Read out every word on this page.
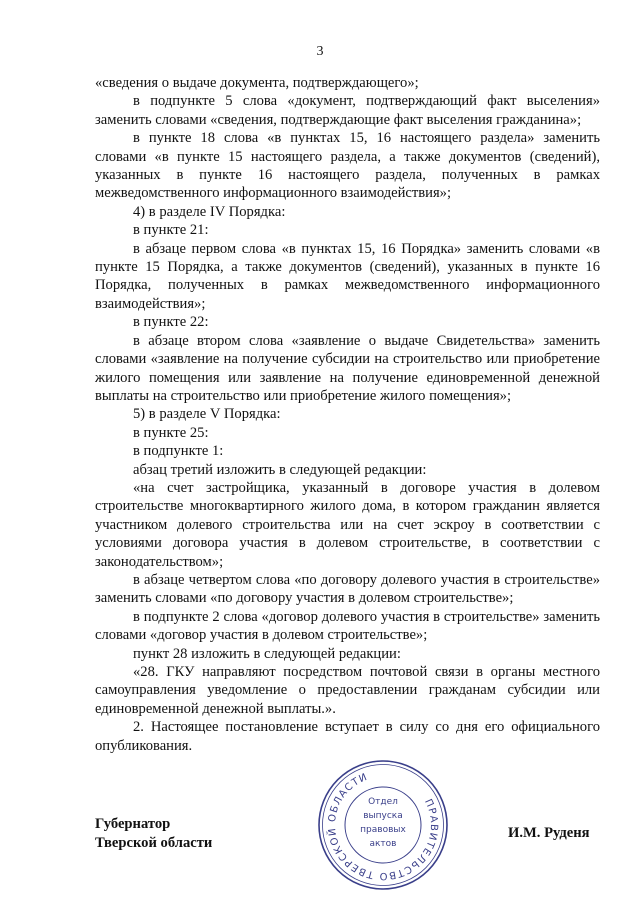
3

«сведения о выдаче документа, подтверждающего»;

в подпункте 5 слова «документ, подтверждающий факт выселения» заменить словами «сведения, подтверждающие факт выселения гражданина»;

в пункте 18 слова «в пунктах 15, 16 настоящего раздела» заменить словами «в пункте 15 настоящего раздела, а также документов (сведений), указанных в пункте 16 настоящего раздела, полученных в рамках межведомственного информационного взаимодействия»;

4) в разделе IV Порядка:

в пункте 21:

в абзаце первом слова «в пунктах 15, 16 Порядка» заменить словами «в пункте 15 Порядка, а также документов (сведений), указанных в пункте 16 Порядка, полученных в рамках межведомственного информационного взаимодействия»;

в пункте 22:

в абзаце втором слова «заявление о выдаче Свидетельства» заменить словами «заявление на получение субсидии на строительство или приобретение жилого помещения или заявление на получение единовременной денежной выплаты на строительство или приобретение жилого помещения»;

5) в разделе V Порядка:

в пункте 25:

в подпункте 1:

абзац третий изложить в следующей редакции:

«на счет застройщика, указанный в договоре участия в долевом строительстве многоквартирного жилого дома, в котором гражданин является участником долевого строительства или на счет эскроу в соответствии с условиями договора участия в долевом строительстве, в соответствии с законодательством»;

в абзаце четвертом слова «по договору долевого участия в строительстве» заменить словами «по договору участия в долевом строительстве»;

в подпункте 2 слова «договор долевого участия в строительстве» заменить словами «договор участия в долевом строительстве»;

пункт 28 изложить в следующей редакции:

«28. ГКУ направляют посредством почтовой связи в органы местного самоуправления уведомление о предоставлении гражданам субсидии или единовременной денежной выплаты.».

2. Настоящее постановление вступает в силу со дня его официального опубликования.

Губернатор
Тверской области
ПРАВИТЕЛЬСТВО ТВЕРСКОЙ ОБЛАСТИ
Отдел
выпуска
правовых
актов
И.М. Руденя
